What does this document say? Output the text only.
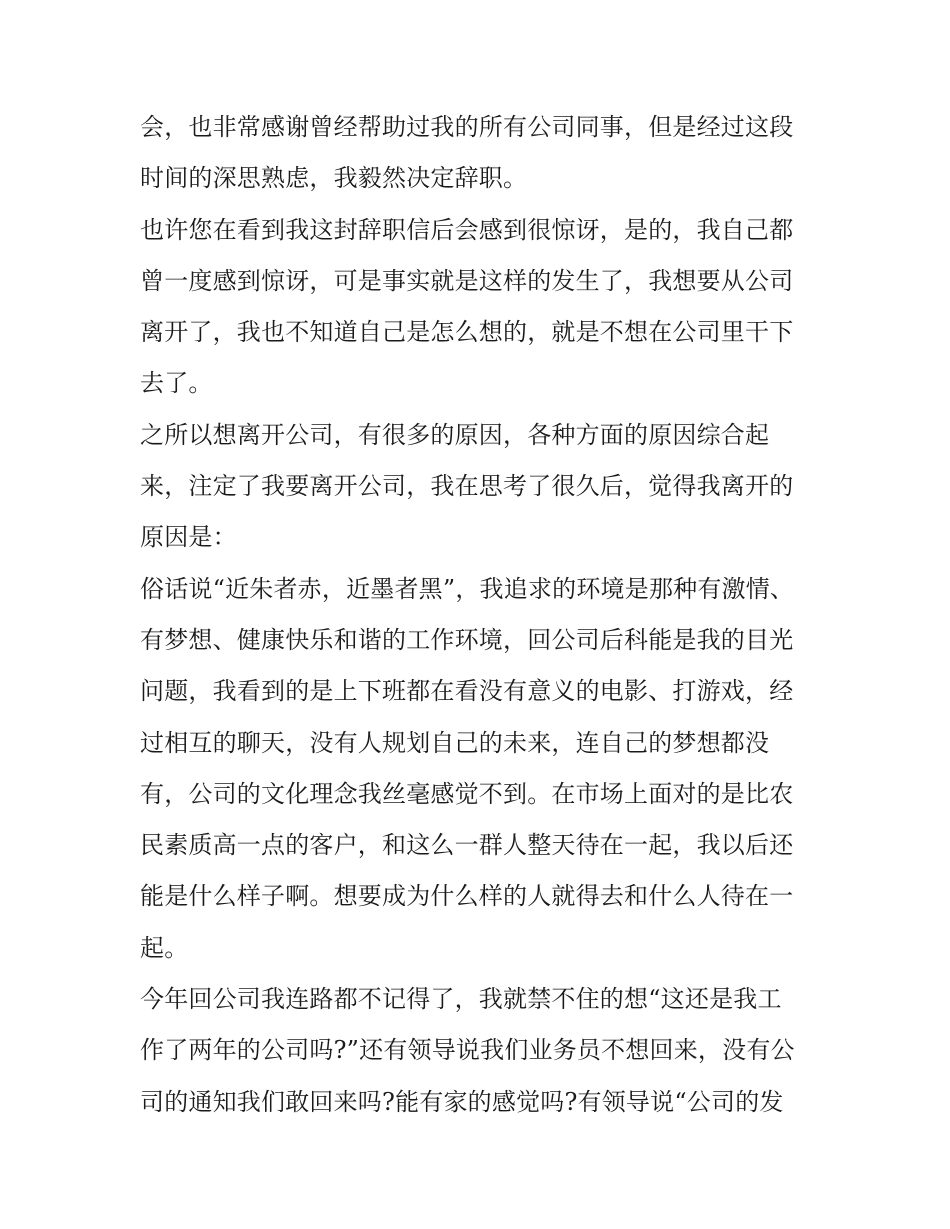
会，也非常感谢曾经帮助过我的所有公司同事，但是经过这段
时间的深思熟虑，我毅然决定辞职。
也许您在看到我这封辞职信后会感到很惊讶，是的，我自己都
曾一度感到惊讶，可是事实就是这样的发生了，我想要从公司
离开了，我也不知道自己是怎么想的，就是不想在公司里干下
去了。
之所以想离开公司，有很多的原因，各种方面的原因综合起
来，注定了我要离开公司，我在思考了很久后，觉得我离开的
原因是：
俗话说“近朱者赤，近墨者黑”，我追求的环境是那种有激情、
有梦想、健康快乐和谐的工作环境，回公司后科能是我的目光
问题，我看到的是上下班都在看没有意义的电影、打游戏，经
过相互的聊天，没有人规划自己的未来，连自己的梦想都没
有，公司的文化理念我丝毫感觉不到。在市场上面对的是比农
民素质高一点的客户，和这么一群人整天待在一起，我以后还
能是什么样子啊。想要成为什么样的人就得去和什么人待在一
起。
今年回公司我连路都不记得了，我就禁不住的想“这还是我工
作了两年的公司吗?”还有领导说我们业务员不想回来，没有公
司的通知我们敢回来吗?能有家的感觉吗?有领导说“公司的发
